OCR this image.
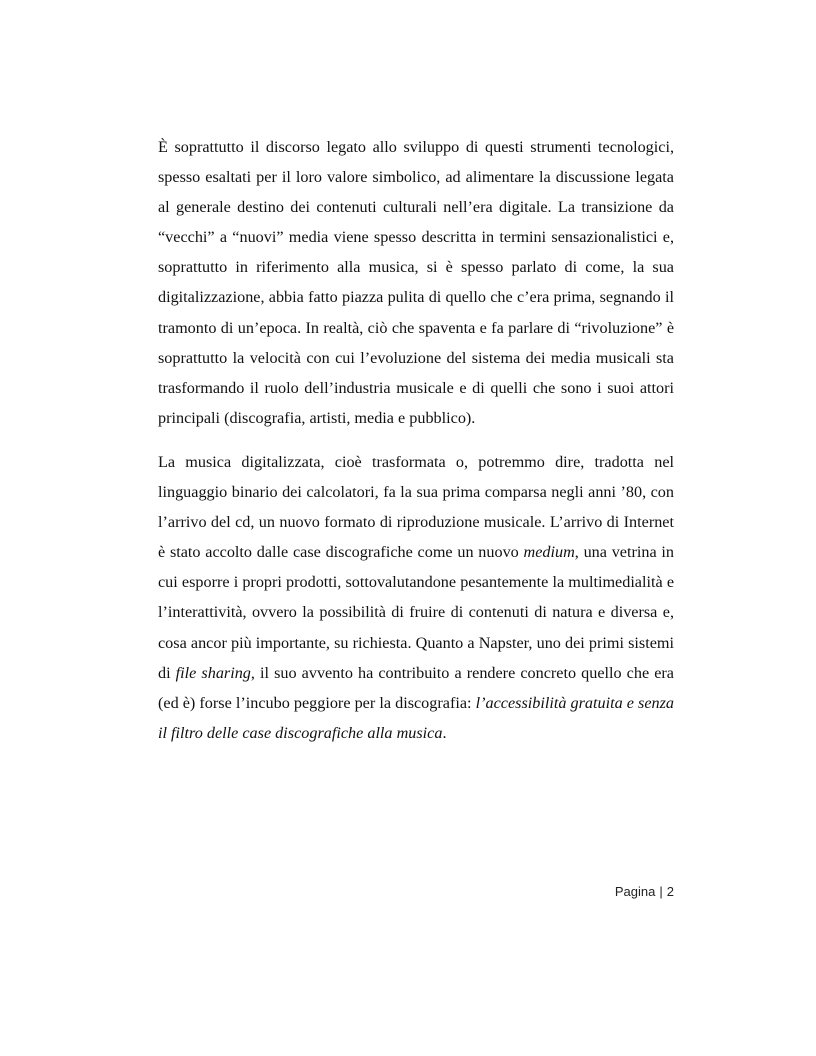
È soprattutto il discorso legato allo sviluppo di questi strumenti tecnologici, spesso esaltati per il loro valore simbolico, ad alimentare la discussione legata al generale destino dei contenuti culturali nell’era digitale. La transizione da “vecchi” a “nuovi” media viene spesso descritta in termini sensazionalistici e, soprattutto in riferimento alla musica, si è spesso parlato di come, la sua digitalizzazione, abbia fatto piazza pulita di quello che c’era prima, segnando il tramonto di un’epoca. In realtà, ciò che spaventa e fa parlare di “rivoluzione” è soprattutto la velocità con cui l’evoluzione del sistema dei media musicali sta trasformando il ruolo dell’industria musicale e di quelli che sono i suoi attori principali (discografia, artisti, media e pubblico).

La musica digitalizzata, cioè trasformata o, potremmo dire, tradotta nel linguaggio binario dei calcolatori, fa la sua prima comparsa negli anni ’80, con l’arrivo del cd, un nuovo formato di riproduzione musicale. L’arrivo di Internet è stato accolto dalle case discografiche come un nuovo medium, una vetrina in cui esporre i propri prodotti, sottovalutandone pesantemente la multimedialità e l’interattività, ovvero la possibilità di fruire di contenuti di natura e diversa e, cosa ancor più importante, su richiesta. Quanto a Napster, uno dei primi sistemi di file sharing, il suo avvento ha contribuito a rendere concreto quello che era (ed è) forse l’incubo peggiore per la discografia: l’accessibilità gratuita e senza il filtro delle case discografiche alla musica.

Pagina | 2
